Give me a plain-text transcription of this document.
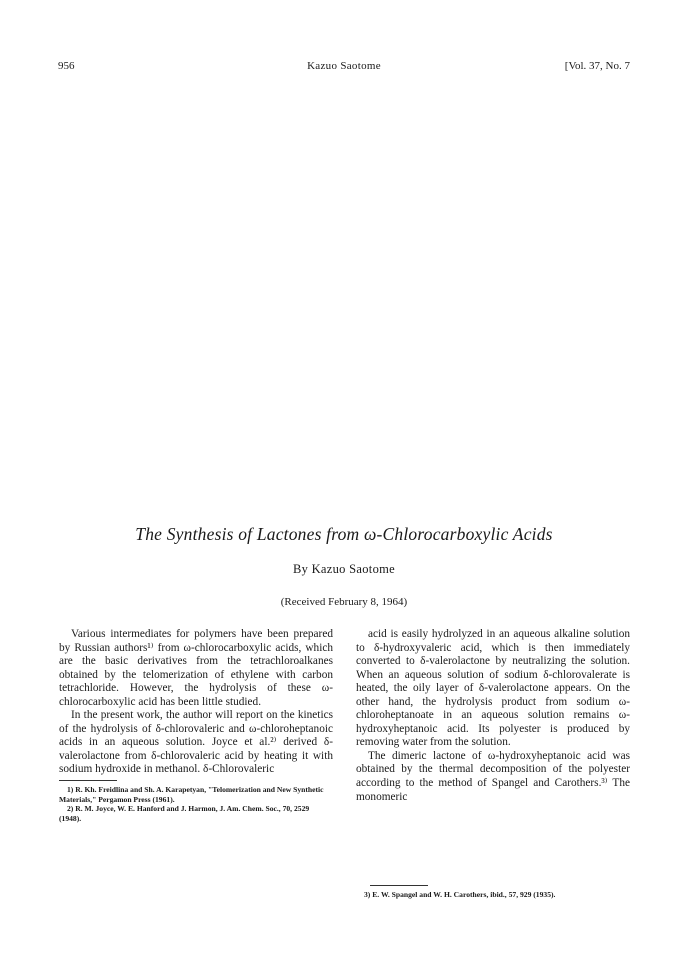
956	Kazuo Saotome	[Vol. 37, No. 7
The Synthesis of Lactones from ω-Chlorocarboxylic Acids
By Kazuo Saotome
(Received February 8, 1964)

Various intermediates for polymers have been prepared by Russian authors¹⁾ from ω-chlorocarboxylic acids, which are the basic derivatives from the tetrachloroalkanes obtained by the telomerization of ethylene with carbon tetrachloride. However, the hydrolysis of these ω-chlorocarboxylic acid has been little studied.

In the present work, the author will report on the kinetics of the hydrolysis of δ-chlorovaleric and ω-chloroheptanoic acids in an aqueous solution. Joyce et al.²⁾ derived δ-valerolactone from δ-chlorovaleric acid by heating it with sodium hydroxide in methanol. δ-Chlorovaleric

1) R. Kh. Freidlina and Sh. A. Karapetyan, "Telomerization and New Synthetic Materials," Pergamon Press (1961).

2) R. M. Joyce, W. E. Hanford and J. Harmon, J. Am. Chem. Soc., 70, 2529 (1948).

acid is easily hydrolyzed in an aqueous alkaline solution to δ-hydroxyvaleric acid, which is then immediately converted to δ-valerolactone by neutralizing the solution. When an aqueous solution of sodium δ-chlorovalerate is heated, the oily layer of δ-valerolactone appears. On the other hand, the hydrolysis product from sodium ω-chloroheptanoate in an aqueous solution remains ω-hydroxyheptanoic acid. Its polyester is produced by removing water from the solution.

The dimeric lactone of ω-hydroxyheptanoic acid was obtained by the thermal decomposition of the polyester according to the method of Spangel and Carothers.³⁾ The monomeric

3) E. W. Spangel and W. H. Carothers, ibid., 57, 929 (1935).
